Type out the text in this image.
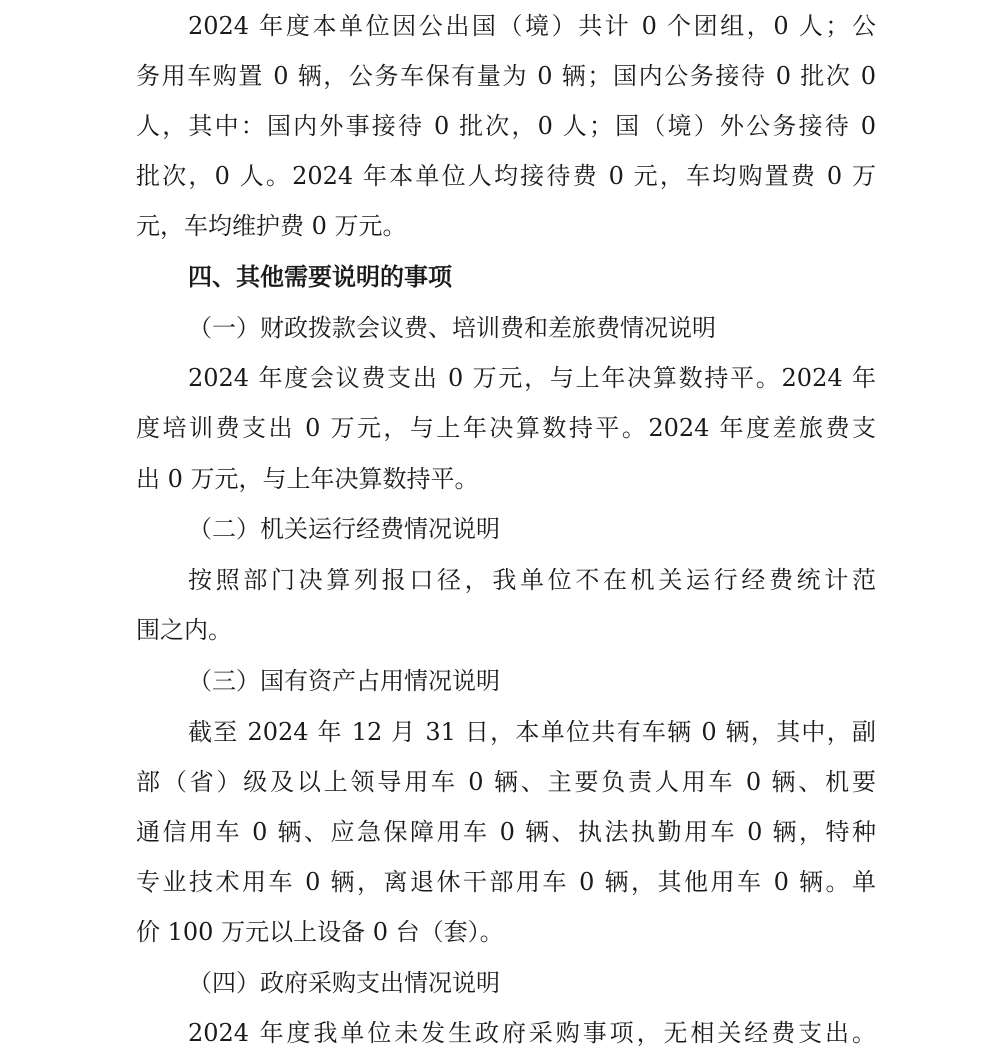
2024 年度本单位因公出国（境）共计 0 个团组，0 人；公
务用车购置 0 辆，公务车保有量为 0 辆；国内公务接待 0 批次 0
人，其中：国内外事接待 0 批次，0 人；国（境）外公务接待 0
批次，0 人。2024 年本单位人均接待费 0 元，车均购置费 0 万
元，车均维护费 0 万元。
四、其他需要说明的事项
（一）财政拨款会议费、培训费和差旅费情况说明
2024 年度会议费支出 0 万元，与上年决算数持平。2024 年
度培训费支出 0 万元，与上年决算数持平。2024 年度差旅费支
出 0 万元，与上年决算数持平。
（二）机关运行经费情况说明
按照部门决算列报口径，我单位不在机关运行经费统计范
围之内。
（三）国有资产占用情况说明
截至 2024 年 12 月 31 日，本单位共有车辆 0 辆，其中，副
部（省）级及以上领导用车 0 辆、主要负责人用车 0 辆、机要
通信用车 0 辆、应急保障用车 0 辆、执法执勤用车 0 辆，特种
专业技术用车 0 辆，离退休干部用车 0 辆，其他用车 0 辆。单
价 100 万元以上设备 0 台（套）。
（四）政府采购支出情况说明
2024 年度我单位未发生政府采购事项，无相关经费支出。
